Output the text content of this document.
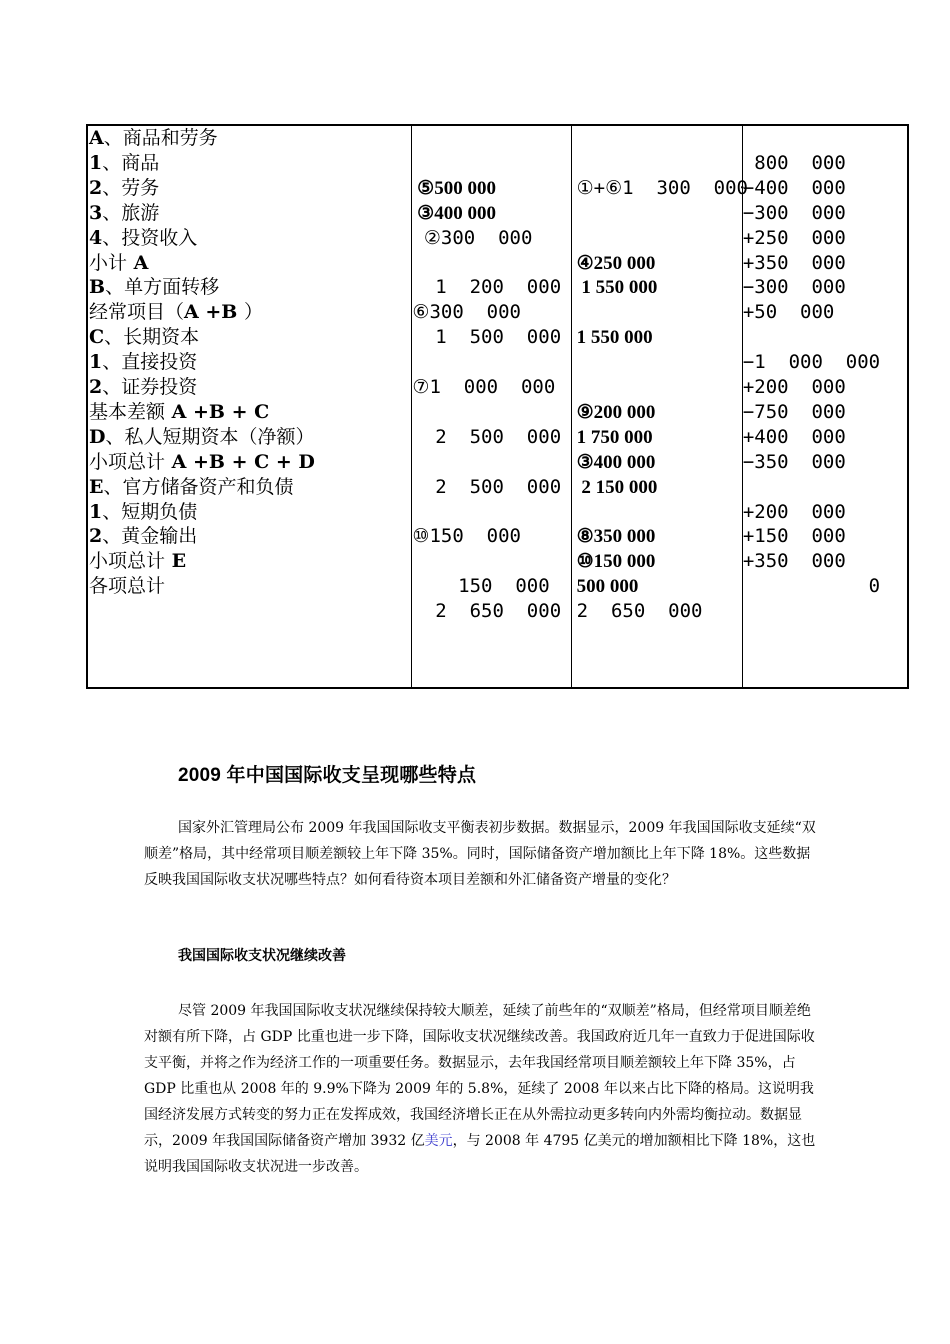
A、商品和劳务
1、商品
2、劳务
3、旅游
4、投资收入
小计 A
B、单方面转移
经常项目（A +B ）
C、长期资本
1、直接投资
2、证券投资
基本差额 A +B + C
D、私人短期资本（净额）
小项总计 A +B + C + D
E、官方储备资产和负债
1、短期负债
2、黄金输出
小项总计 E
各项总计
⑤500 000
③400 000
②300  000
1  200  000
⑥300  000
1  500  000
⑦1  000  000
2  500  000
2  500  000
⑩150  000
150  000
2  650  000
①+⑥1  300  000
④250 000
1 550 000
1 550 000
⑨200 000
1 750 000
③400 000
2 150 000
⑧350 000
⑩150 000
500 000
2  650  000
800  000
−400  000
−300  000
+250  000
+350  000
−300  000
+50  000
−1  000  000
+200  000
−750  000
+400  000
−350  000
+200  000
+150  000
+350  000
0
2009 年中国国际收支呈现哪些特点
国家外汇管理局公布 2009 年我国国际收支平衡表初步数据。数据显示，2009 年我国国际收支延续“双顺差”格局，其中经常项目顺差额较上年下降 35%。同时，国际储备资产增加额比上年下降 18%。这些数据反映我国国际收支状况哪些特点？如何看待资本项目差额和外汇储备资产增量的变化？
我国国际收支状况继续改善
尽管 2009 年我国国际收支状况继续保持较大顺差，延续了前些年的“双顺差”格局，但经常项目顺差绝对额有所下降，占 GDP 比重也进一步下降，国际收支状况继续改善。我国政府近几年一直致力于促进国际收支平衡，并将之作为经济工作的一项重要任务。数据显示，去年我国经常项目顺差额较上年下降 35%，占 GDP 比重也从 2008 年的 9.9%下降为 2009 年的 5.8%，延续了 2008 年以来占比下降的格局。这说明我国经济发展方式转变的努力正在发挥成效，我国经济增长正在从外需拉动更多转向内外需均衡拉动。数据显示，2009 年我国国际储备资产增加 3932 亿美元，与 2008 年 4795 亿美元的增加额相比下降 18%，这也说明我国国际收支状况进一步改善。
